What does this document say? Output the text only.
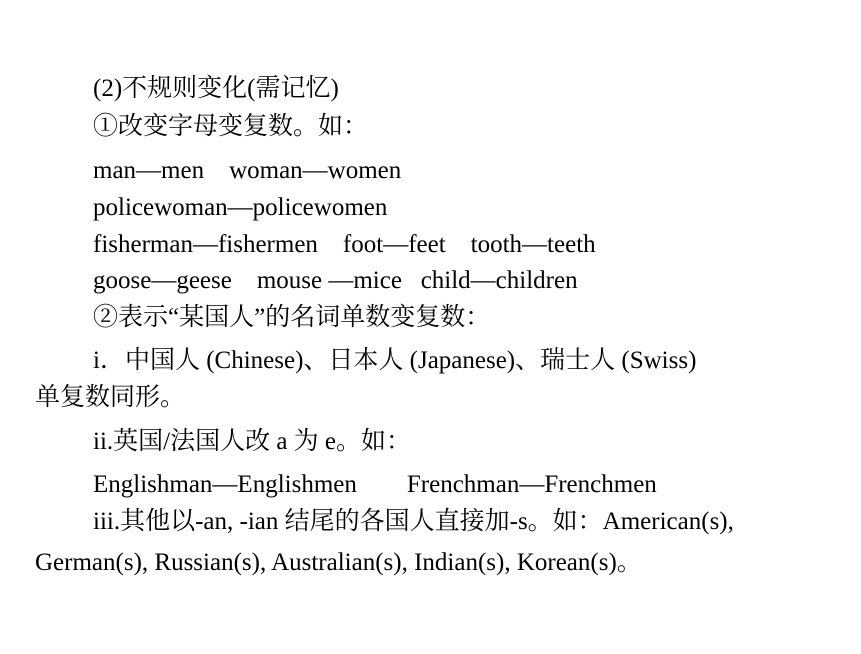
(2)不规则变化(需记忆)
①改变字母变复数。如：
man—men    woman—women
policewoman—policewomen
fisherman—fishermen    foot—feet    tooth—teeth
goose—geese    mouse —mice   child—children
②表示“某国人”的名词单数变复数：
i．中国人 (Chinese)、日本人 (Japanese)、瑞士人 (Swiss)
单复数同形。
ii.英国/法国人改 a 为 e。如：
Englishman—Englishmen        Frenchman—Frenchmen
iii.其他以-an, -ian 结尾的各国人直接加-s。如：American(s),
German(s), Russian(s), Australian(s), Indian(s), Korean(s)。
